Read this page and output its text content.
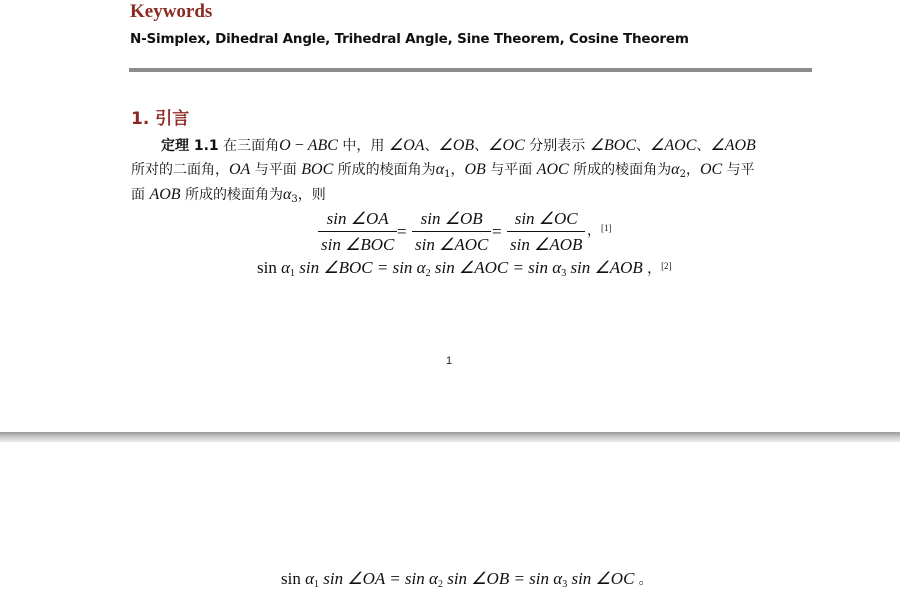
Keywords
N-Simplex, Dihedral Angle, Trihedral Angle, Sine Theorem, Cosine Theorem
1. 引言
定理 1.1 在三面角O − ABC 中，用 ∠OA、∠OB、∠OC 分别表示 ∠BOC、∠AOC、∠AOB
所对的二面角，OA 与平面 BOC 所成的棱面角为$\alpha_1$，OB 与平面 AOC 所成的棱面角为$\alpha_2$，OC 与平
面 AOB 所成的棱面角为$\alpha_3$，则
sin ∠OA
sin ∠BOC
=
sin ∠OB
sin ∠AOC
=
sin ∠OC
sin ∠AOB
，[1]
$\sin \alpha_1$ sin ∠BOC = $\sin \alpha_2$ sin ∠AOC = $\sin \alpha_3$ sin ∠AOB ，[2]
1
$\sin \alpha_1$ sin ∠OA = $\sin \alpha_2$ sin ∠OB = $\sin \alpha_3$ sin ∠OC 。
